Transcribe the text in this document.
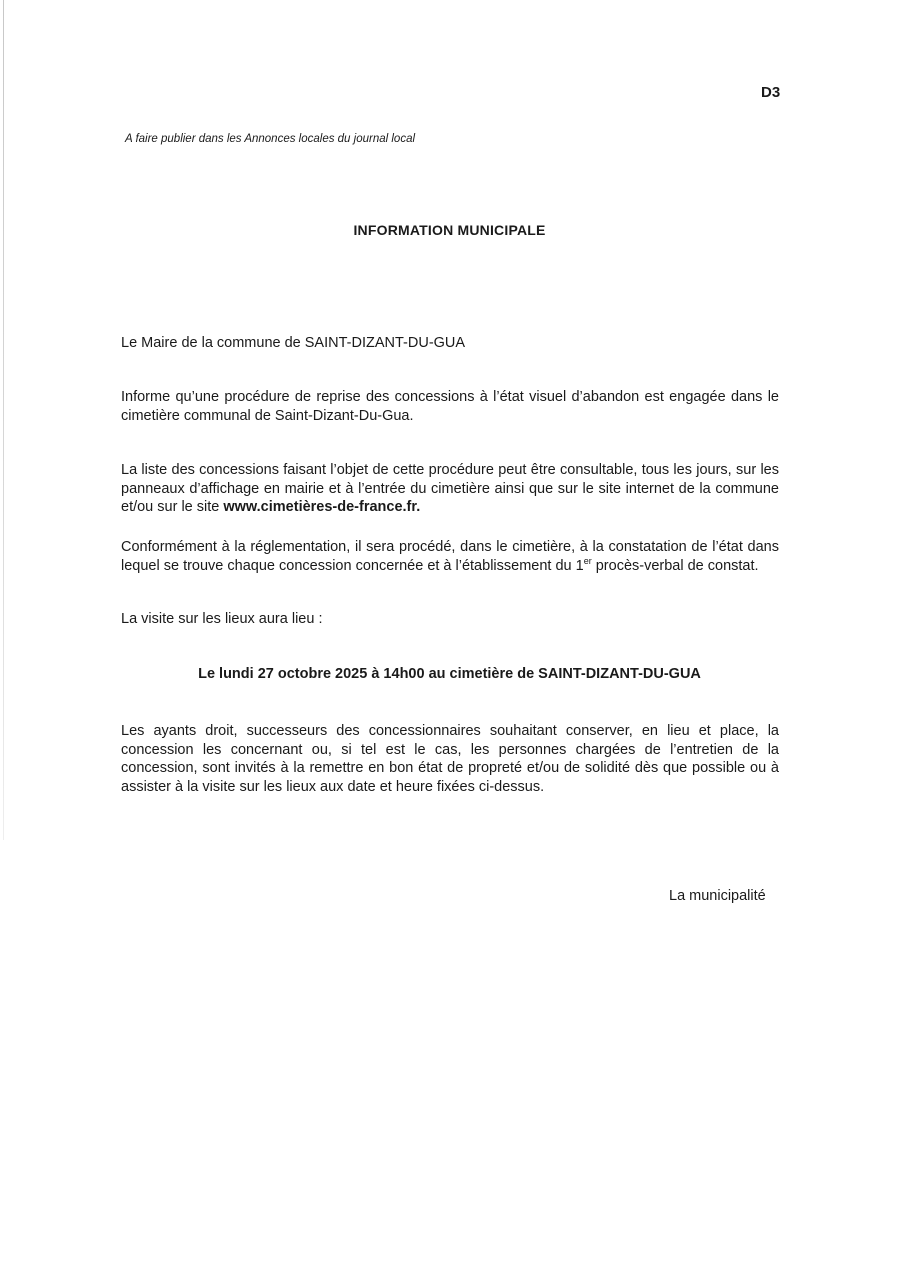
D3
A faire publier dans les Annonces locales du journal local
INFORMATION MUNICIPALE

Le Maire de la commune de SAINT-DIZANT-DU-GUA

Informe qu’une procédure de reprise des concessions à l’état visuel d’abandon est engagée dans le cimetière communal de Saint-Dizant-Du-Gua.

La liste des concessions faisant l’objet de cette procédure peut être consultable, tous les jours, sur les panneaux d’affichage en mairie et à l’entrée du cimetière ainsi que sur le site internet de la commune et/ou sur le site www.cimetières-de-france.fr.

Conformément à la réglementation, il sera procédé, dans le cimetière, à la constatation de l’état dans lequel se trouve chaque concession concernée et à l’établissement du 1er procès-verbal de constat.

La visite sur les lieux aura lieu :

Le lundi 27 octobre 2025 à 14h00 au cimetière de SAINT-DIZANT-DU-GUA

Les ayants droit, successeurs des concessionnaires souhaitant conserver, en lieu et place, la concession les concernant ou, si tel est le cas, les personnes chargées de l’entretien de la concession, sont invités à la remettre en bon état de propreté et/ou de solidité dès que possible ou à assister à la visite sur les lieux aux date et heure fixées ci-dessus.

La municipalité
